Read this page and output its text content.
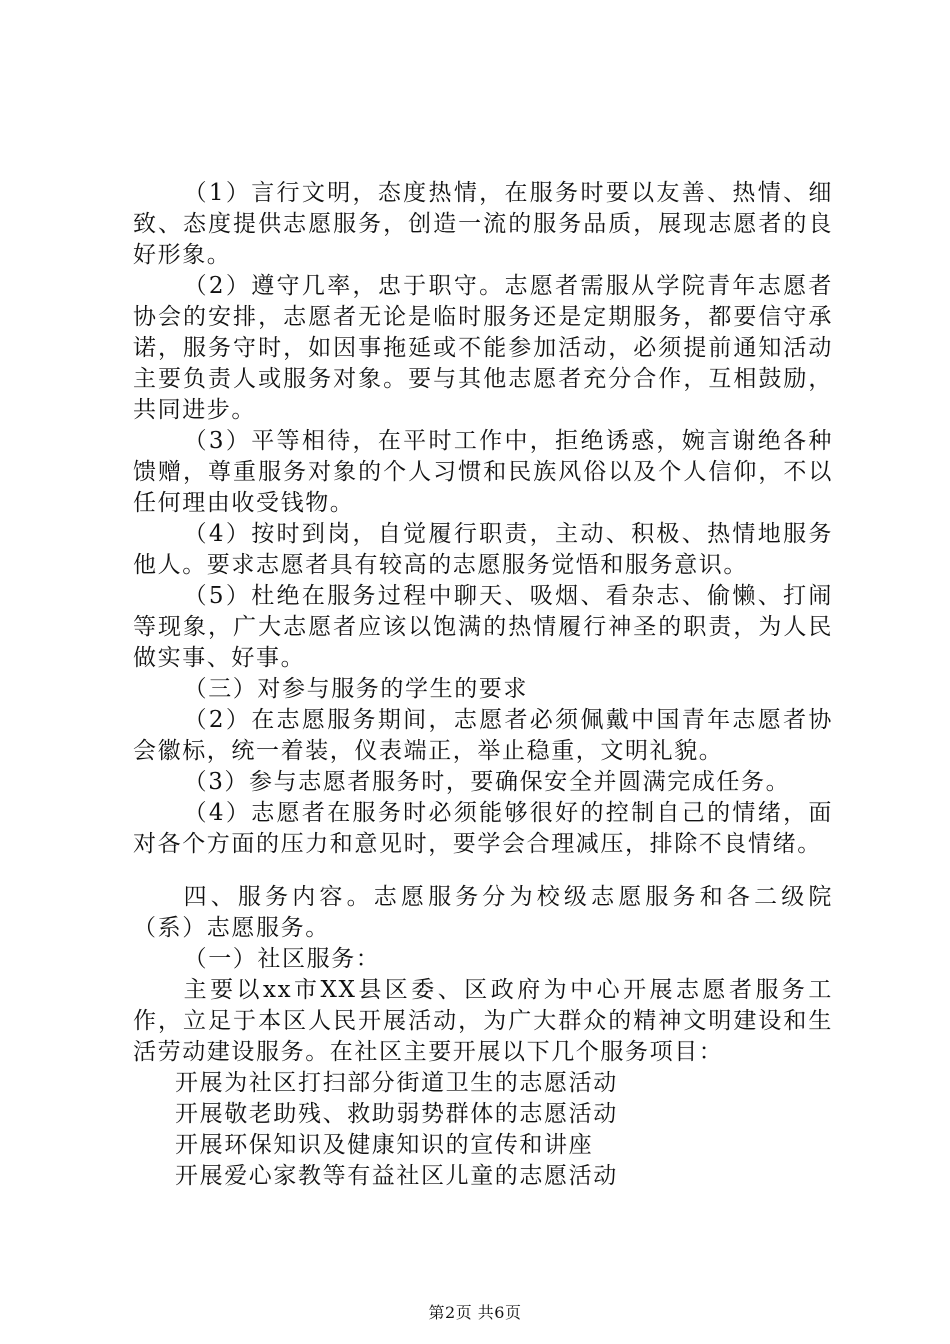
（1）言行文明，态度热情，在服务时要以友善、热情、细致、态度提供志愿服务，创造一流的服务品质，展现志愿者的良好形象。

（2）遵守几率，忠于职守。志愿者需服从学院青年志愿者协会的安排，志愿者无论是临时服务还是定期服务，都要信守承诺，服务守时，如因事拖延或不能参加活动，必须提前通知活动主要负责人或服务对象。要与其他志愿者充分合作，互相鼓励，共同进步。

（3）平等相待，在平时工作中，拒绝诱惑，婉言谢绝各种馈赠，尊重服务对象的个人习惯和民族风俗以及个人信仰，不以任何理由收受钱物。

（4）按时到岗，自觉履行职责，主动、积极、热情地服务他人。要求志愿者具有较高的志愿服务觉悟和服务意识。

（5）杜绝在服务过程中聊天、吸烟、看杂志、偷懒、打闹等现象，广大志愿者应该以饱满的热情履行神圣的职责，为人民做实事、好事。

（三）对参与服务的学生的要求

（2）在志愿服务期间，志愿者必须佩戴中国青年志愿者协会徽标，统一着装，仪表端正，举止稳重，文明礼貌。

（3）参与志愿者服务时，要确保安全并圆满完成任务。

（4）志愿者在服务时必须能够很好的控制自己的情绪，面对各个方面的压力和意见时，要学会合理减压，排除不良情绪。

四、服务内容。志愿服务分为校级志愿服务和各二级院（系）志愿服务。

（一）社区服务：

主要以xx市XX县区委、区政府为中心开展志愿者服务工作，立足于本区人民开展活动，为广大群众的精神文明建设和生活劳动建设服务。在社区主要开展以下几个服务项目：

开展为社区打扫部分街道卫生的志愿活动

开展敬老助残、救助弱势群体的志愿活动

开展环保知识及健康知识的宣传和讲座

开展爱心家教等有益社区儿童的志愿活动

第2页 共6页
